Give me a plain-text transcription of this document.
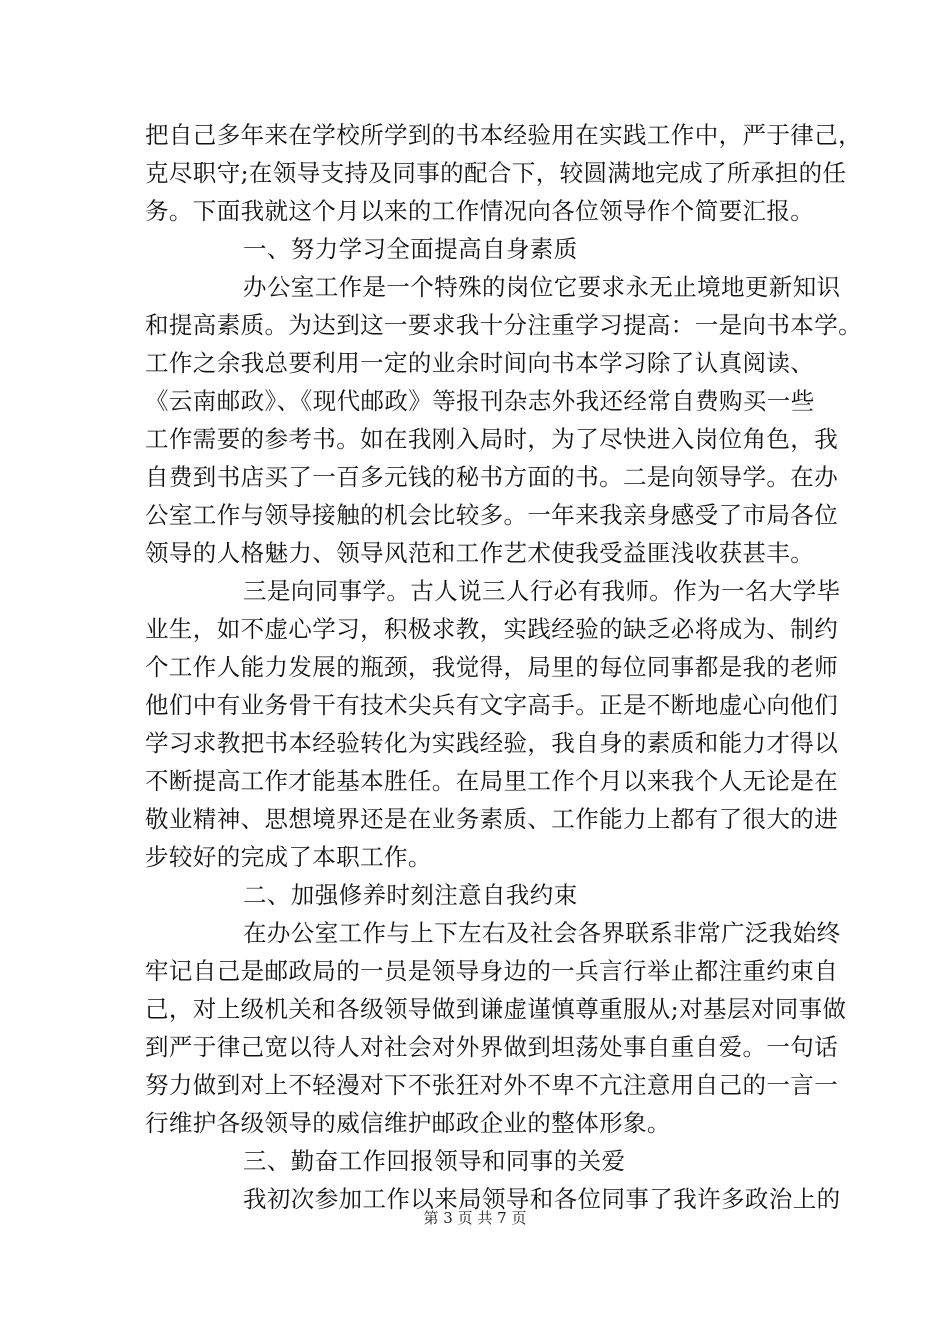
把自己多年来在学校所学到的书本经验用在实践工作中，严于律己，
克尽职守;在领导支持及同事的配合下，较圆满地完成了所承担的任
务。下面我就这个月以来的工作情况向各位领导作个简要汇报。
一、努力学习全面提高自身素质
办公室工作是一个特殊的岗位它要求永无止境地更新知识
和提高素质。为达到这一要求我十分注重学习提高：一是向书本学。
工作之余我总要利用一定的业余时间向书本学习除了认真阅读、
《云南邮政》、《现代邮政》等报刊杂志外我还经常自费购买一些
工作需要的参考书。如在我刚入局时，为了尽快进入岗位角色，我
自费到书店买了一百多元钱的秘书方面的书。二是向领导学。在办
公室工作与领导接触的机会比较多。一年来我亲身感受了市局各位
领导的人格魅力、领导风范和工作艺术使我受益匪浅收获甚丰。
三是向同事学。古人说三人行必有我师。作为一名大学毕
业生，如不虚心学习，积极求教，实践经验的缺乏必将成为、制约
个工作人能力发展的瓶颈，我觉得，局里的每位同事都是我的老师
他们中有业务骨干有技术尖兵有文字高手。正是不断地虚心向他们
学习求教把书本经验转化为实践经验，我自身的素质和能力才得以
不断提高工作才能基本胜任。在局里工作个月以来我个人无论是在
敬业精神、思想境界还是在业务素质、工作能力上都有了很大的进
步较好的完成了本职工作。
二、加强修养时刻注意自我约束
在办公室工作与上下左右及社会各界联系非常广泛我始终
牢记自己是邮政局的一员是领导身边的一兵言行举止都注重约束自
己，对上级机关和各级领导做到谦虚谨慎尊重服从;对基层对同事做
到严于律己宽以待人对社会对外界做到坦荡处事自重自爱。一句话
努力做到对上不轻漫对下不张狂对外不卑不亢注意用自己的一言一
行维护各级领导的威信维护邮政企业的整体形象。
三、勤奋工作回报领导和同事的关爱
我初次参加工作以来局领导和各位同事了我许多政治上的
第 3 页 共 7 页
